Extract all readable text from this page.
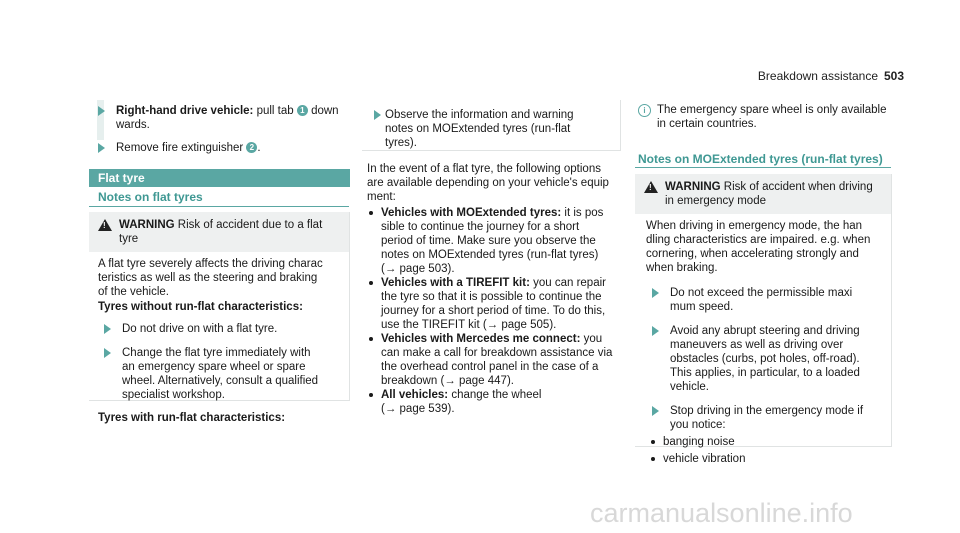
Breakdown assistance 503
Right-hand drive vehicle: pull tab 1 down
wards.
Remove fire extinguisher 2 .
Flat tyre
Notes on flat tyres
!
WARNING Risk of accident due to a flat
tyre
A flat tyre severely affects the driving charac
teristics as well as the steering and braking
of the vehicle.
Tyres without run-flat characteristics:
Do not drive on with a flat tyre.
Change the flat tyre immediately with
an emergency spare wheel or spare
wheel. Alternatively, consult a qualified
specialist workshop.
Tyres with run-flat characteristics:
Observe the information and warning
notes on MOExtended tyres (run-flat
tyres).
In the event of a flat tyre, the following options
are available depending on your vehicle's equip
ment:
Vehicles with MOExtended tyres: it is pos
sible to continue the journey for a short
period of time. Make sure you observe the
notes on MOExtended tyres (run-flat tyres)
(→ page 503).
Vehicles with a TIREFIT kit: you can repair
the tyre so that it is possible to continue the
journey for a short period of time. To do this,
use the TIREFIT kit (→ page 505).
Vehicles with Mercedes me connect: you
can make a call for breakdown assistance via
the overhead control panel in the case of a
breakdown (→ page 447).
All vehicles: change the wheel
(→ page 539).
i The emergency spare wheel is only available
in certain countries.
Notes on MOExtended tyres (run-flat tyres)
!
WARNING Risk of accident when driving
in emergency mode
When driving in emergency mode, the han
dling characteristics are impaired. e.g. when
cornering, when accelerating strongly and
when braking.
Do not exceed the permissible maxi
mum speed.
Avoid any abrupt steering and driving
maneuvers as well as driving over
obstacles (curbs, pot holes, off-road).
This applies, in particular, to a loaded
vehicle.
Stop driving in the emergency mode if
you notice:
banging noise
vehicle vibration
carmanualsonline.info
